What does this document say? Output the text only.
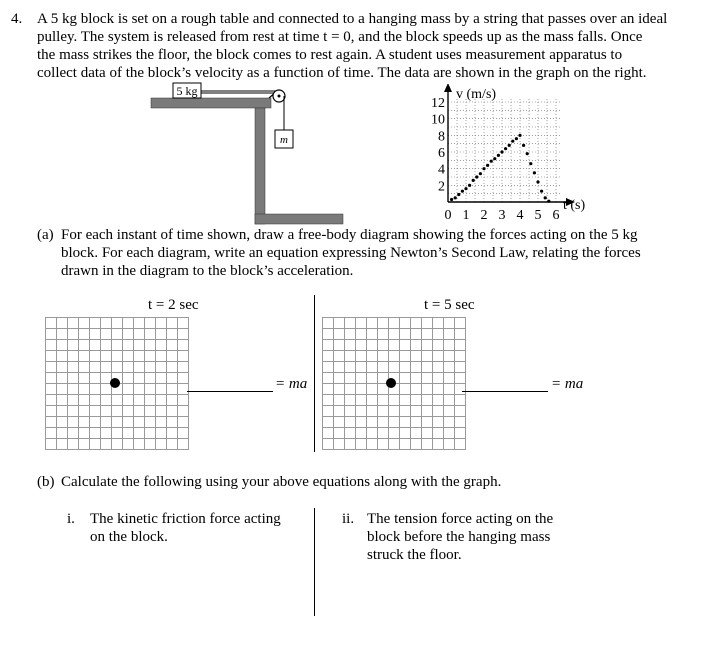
4. A 5 kg block is set on a rough table and connected to a hanging mass by a string that passes over an ideal
pulley. The system is released from rest at time t = 0, and the block speeds up as the mass falls. Once
the mass strikes the floor, the block comes to rest again. A student uses measurement apparatus to
collect data of the block’s velocity as a function of time. The data are shown in the graph on the right.
5 kg
m
0 1 2 3 4 5 6
2
4
6
8
10
12
v (m/s)
t (s)
(a) For each instant of time shown, draw a free-body diagram showing the forces acting on the 5 kg
block. For each diagram, write an equation expressing Newton’s Second Law, relating the forces
drawn in the diagram to the block’s acceleration.
t = 2 sec
= ma
t = 5 sec
= ma
(b) Calculate the following using your above equations along with the graph.
i. The kinetic friction force acting
on the block.
ii. The tension force acting on the
block before the hanging mass
struck the floor.
